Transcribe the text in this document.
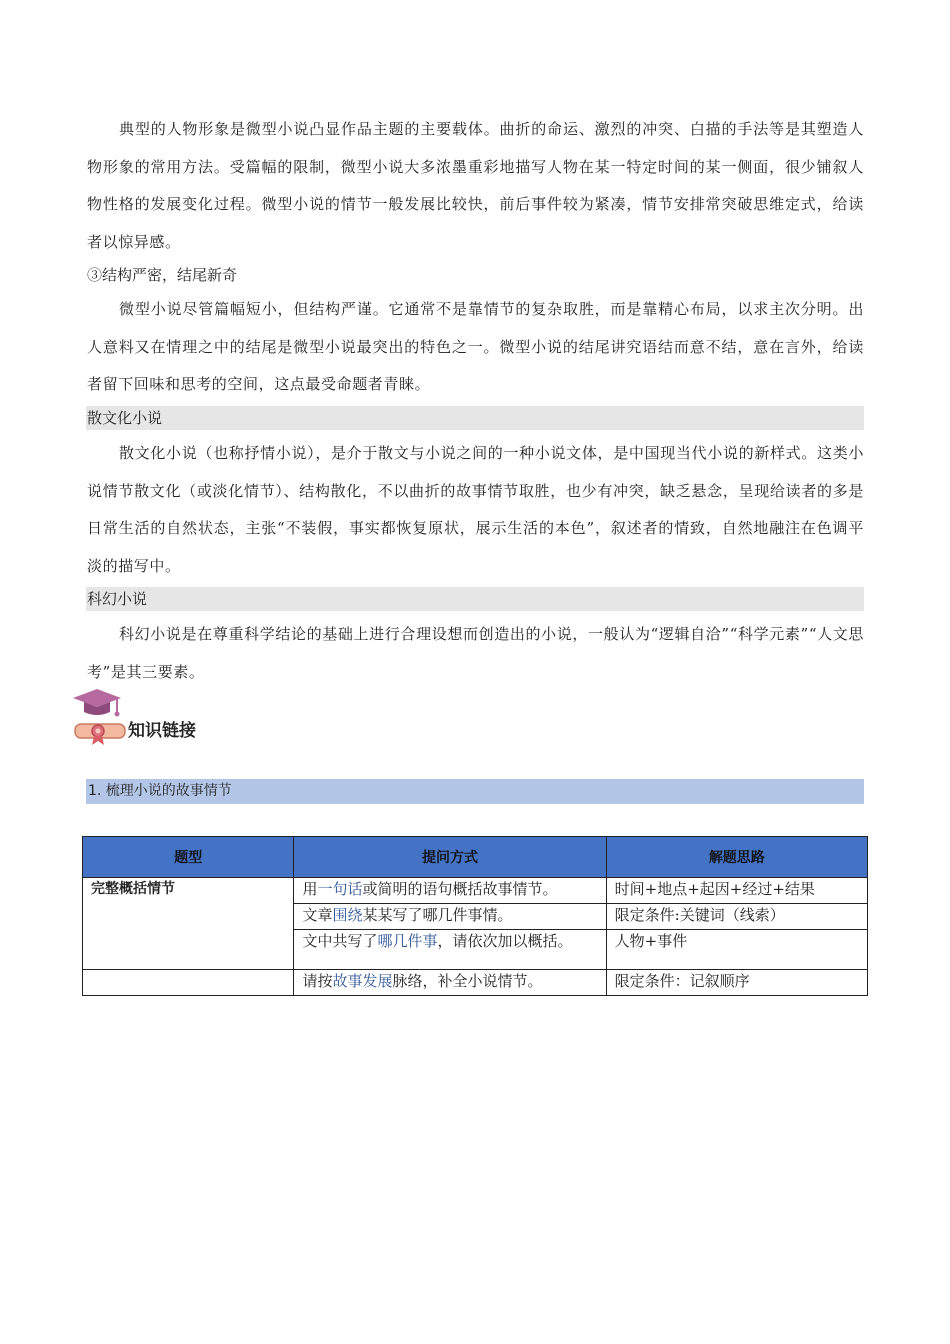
典型的人物形象是微型小说凸显作品主题的主要载体。曲折的命运、激烈的冲突、白描的手法等是其塑造人物形象的常用方法。受篇幅的限制，微型小说大多浓墨重彩地描写人物在某一特定时间的某一侧面，很少铺叙人物性格的发展变化过程。微型小说的情节一般发展比较快，前后事件较为紧凑，情节安排常突破思维定式，给读者以惊异感。
③结构严密，结尾新奇
微型小说尽管篇幅短小，但结构严谨。它通常不是靠情节的复杂取胜，而是靠精心布局，以求主次分明。出人意料又在情理之中的结尾是微型小说最突出的特色之一。微型小说的结尾讲究语结而意不结，意在言外，给读者留下回味和思考的空间，这点最受命题者青睐。
散文化小说
散文化小说（也称抒情小说），是介于散文与小说之间的一种小说文体，是中国现当代小说的新样式。这类小说情节散文化（或淡化情节）、结构散化，不以曲折的故事情节取胜，也少有冲突，缺乏悬念，呈现给读者的多是日常生活的自然状态，主张“不装假，事实都恢复原状，展示生活的本色”，叙述者的情致，自然地融注在色调平淡的描写中。
科幻小说
科幻小说是在尊重科学结论的基础上进行合理设想而创造出的小说，一般认为“逻辑自洽”“科学元素”“人文思考”是其三要素。
知识链接
1. 梳理小说的故事情节
题型	提问方式	解题思路
完整概括情节	用一句话或简明的语句概括故事情节。	时间+地点+起因+经过+结果
	文章围绕某某写了哪几件事情。	限定条件:关键词（线索）
	文中共写了哪几件事，请依次加以概括。	人物+事件
	请按故事发展脉络，补全小说情节。	限定条件：记叙顺序
